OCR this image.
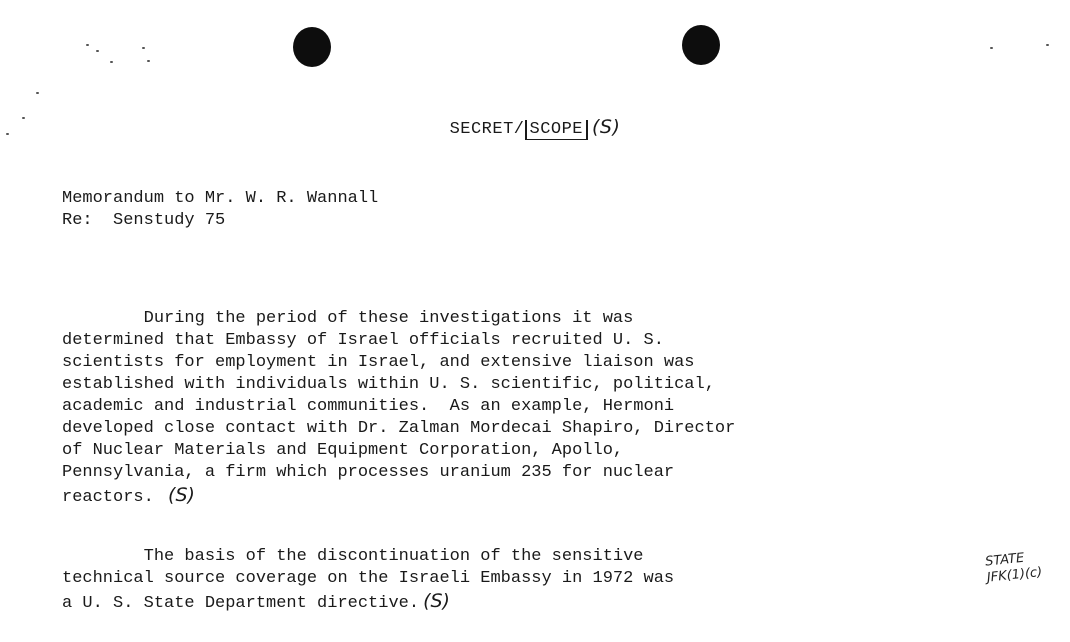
SECRET/ SCOPE (S)
Memorandum to Mr. W. R. Wannall
Re:  Senstudy 75
During the period of these investigations it was
determined that Embassy of Israel officials recruited U. S.
scientists for employment in Israel, and extensive liaison was
established with individuals within U. S. scientific, political,
academic and industrial communities.  As an example, Hermoni
developed close contact with Dr. Zalman Mordecai Shapiro, Director
of Nuclear Materials and Equipment Corporation, Apollo,
Pennsylvania, a firm which processes uranium 235 for nuclear
reactors. (S)
The basis of the discontinuation of the sensitive
technical source coverage on the Israeli Embassy in 1972 was
a U. S. State Department directive. (S)
STATE
JFK(1)(c)
